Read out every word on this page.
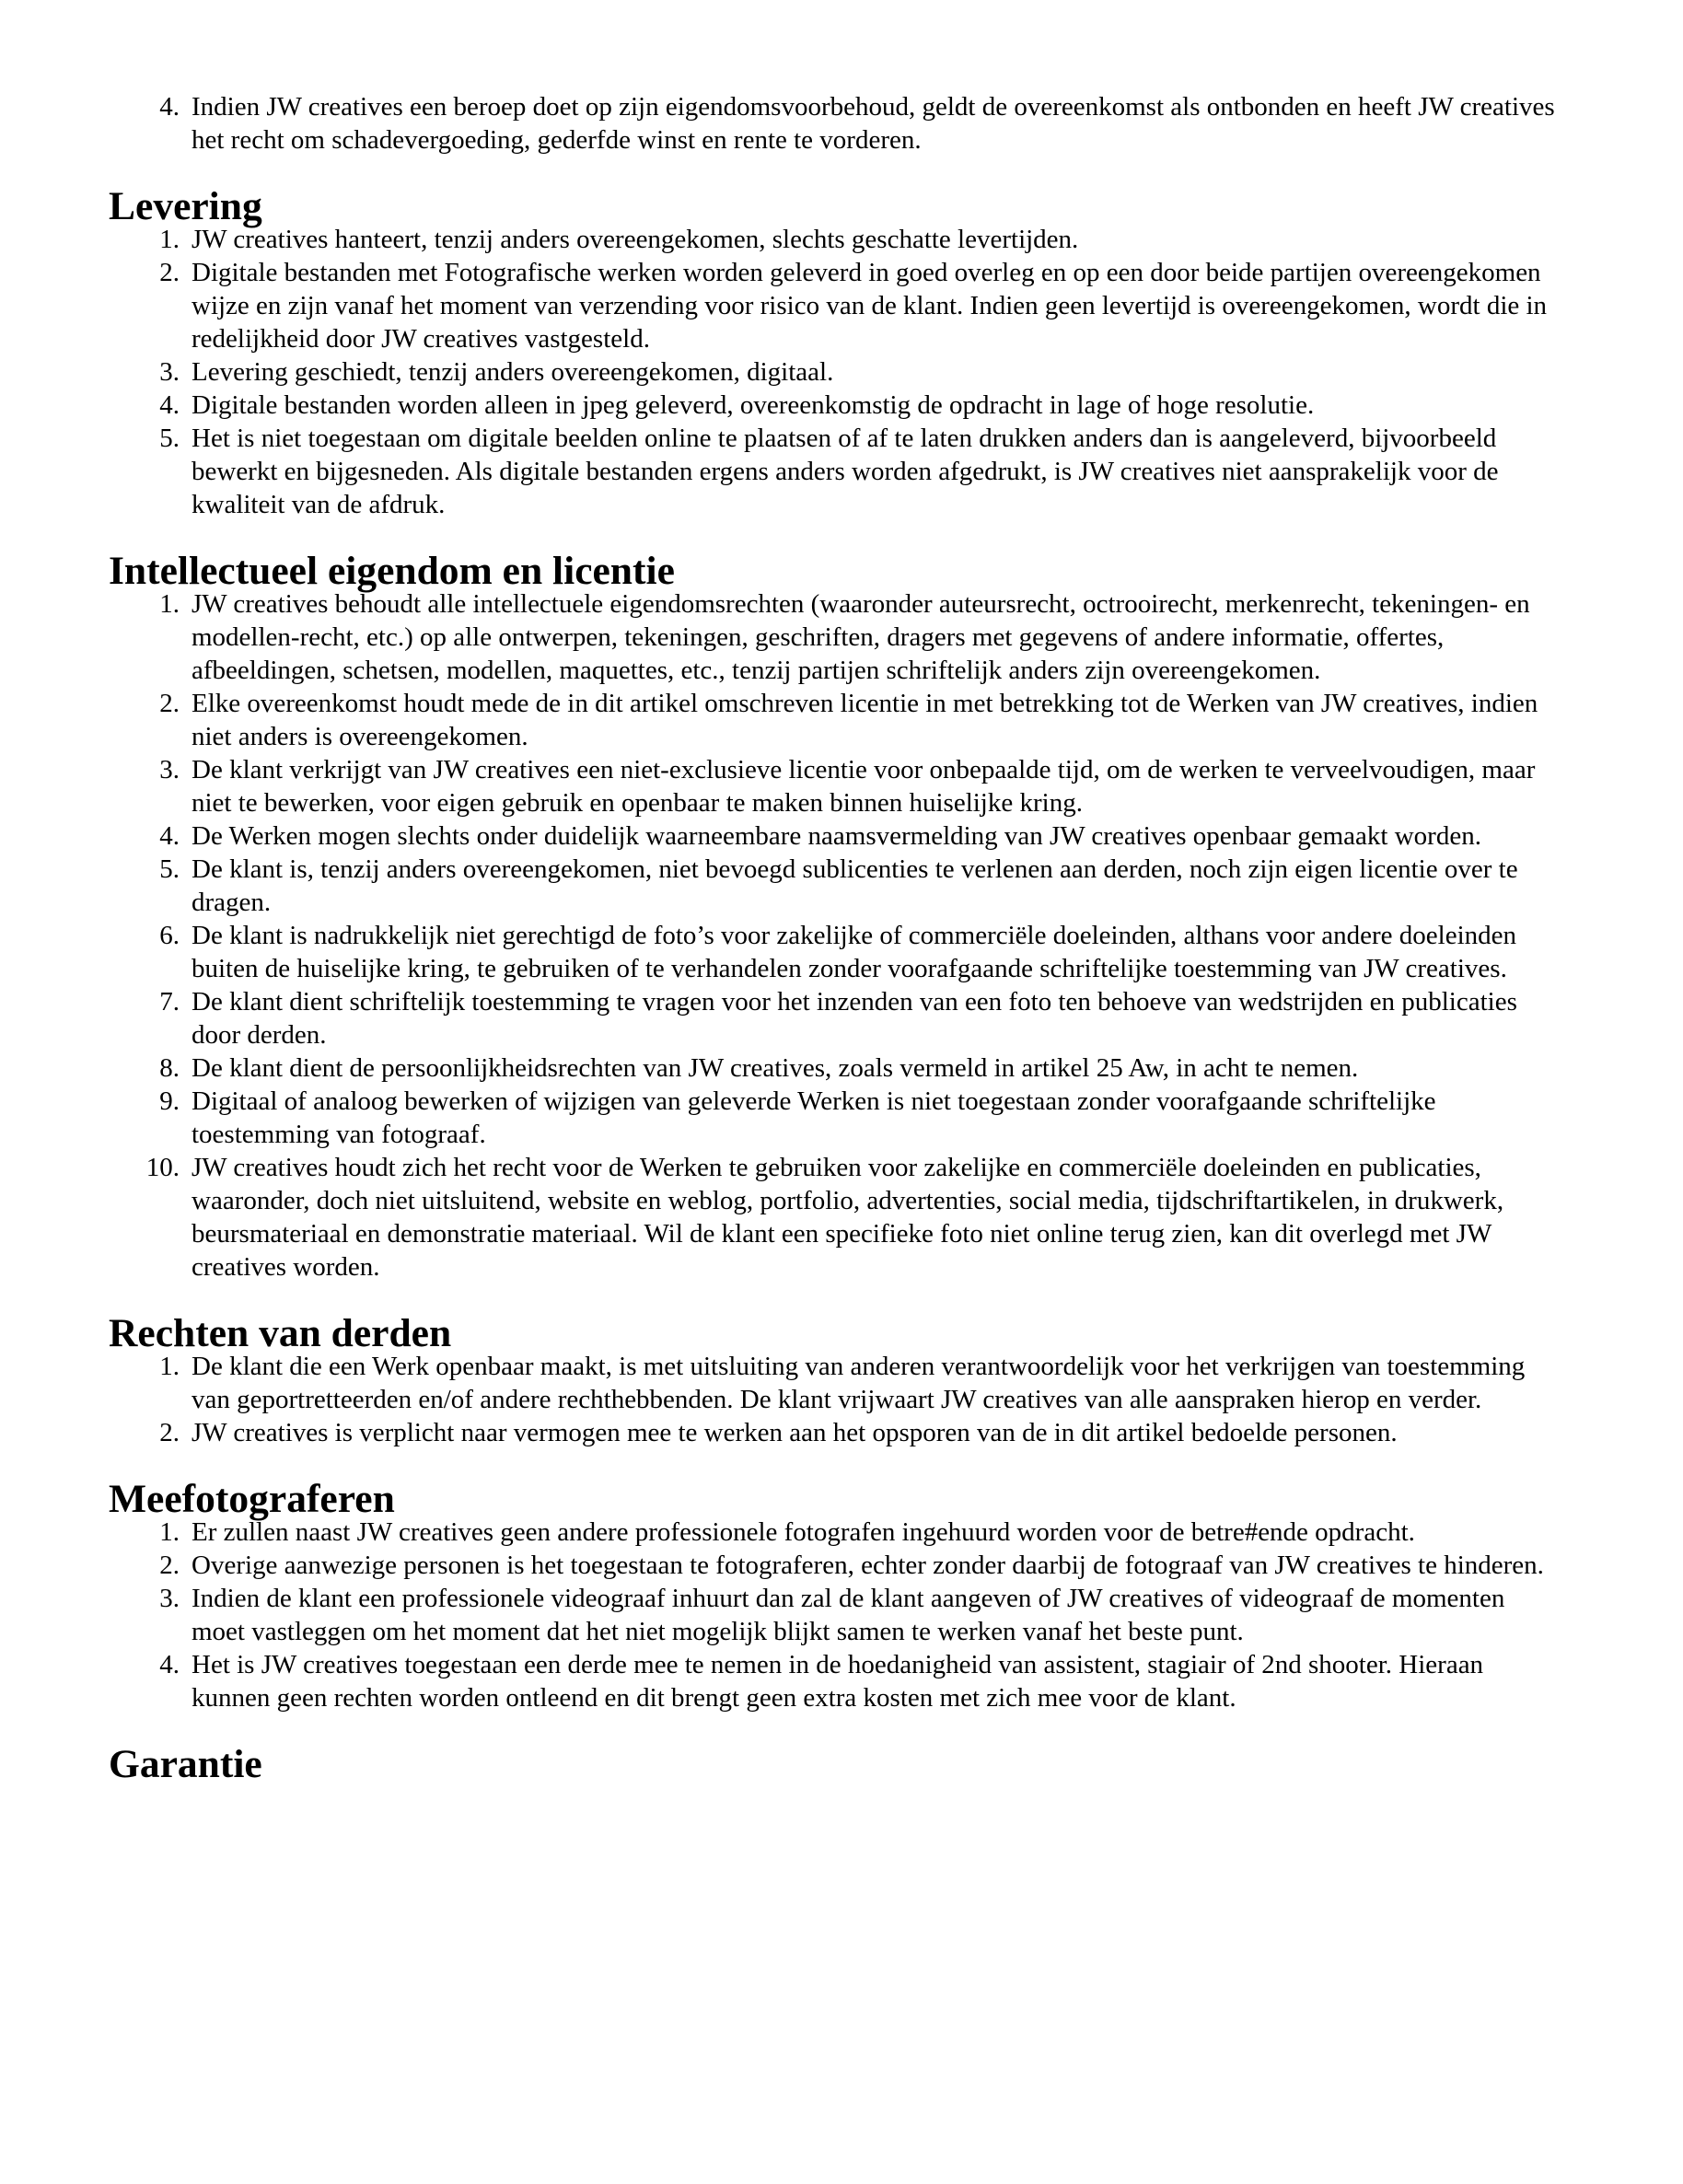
4. Indien JW creatives een beroep doet op zijn eigendomsvoorbehoud, geldt de overeenkomst als ontbonden en heeft JW creatives het recht om schadevergoeding, gederfde winst en rente te vorderen.
Levering
1. JW creatives hanteert, tenzij anders overeengekomen, slechts geschatte levertijden.
2. Digitale bestanden met Fotografische werken worden geleverd in goed overleg en op een door beide partijen overeengekomen wijze en zijn vanaf het moment van verzending voor risico van de klant. Indien geen levertijd is overeengekomen, wordt die in redelijkheid door JW creatives vastgesteld.
3. Levering geschiedt, tenzij anders overeengekomen, digitaal.
4. Digitale bestanden worden alleen in jpeg geleverd, overeenkomstig de opdracht in lage of hoge resolutie.
5. Het is niet toegestaan om digitale beelden online te plaatsen of af te laten drukken anders dan is aangeleverd, bijvoorbeeld bewerkt en bijgesneden. Als digitale bestanden ergens anders worden afgedrukt, is JW creatives niet aansprakelijk voor de kwaliteit van de afdruk.
Intellectueel eigendom en licentie
1. JW creatives behoudt alle intellectuele eigendomsrechten (waaronder auteursrecht, octrooirecht, merkenrecht, tekeningen- en modellen-recht, etc.) op alle ontwerpen, tekeningen, geschriften, dragers met gegevens of andere informatie, offertes, afbeeldingen, schetsen, modellen, maquettes, etc., tenzij partijen schriftelijk anders zijn overeengekomen.
2. Elke overeenkomst houdt mede de in dit artikel omschreven licentie in met betrekking tot de Werken van JW creatives, indien niet anders is overeengekomen.
3. De klant verkrijgt van JW creatives een niet-exclusieve licentie voor onbepaalde tijd, om de werken te verveelvoudigen, maar niet te bewerken, voor eigen gebruik en openbaar te maken binnen huiselijke kring.
4. De Werken mogen slechts onder duidelijk waarneembare naamsvermelding van JW creatives openbaar gemaakt worden.
5. De klant is, tenzij anders overeengekomen, niet bevoegd sublicenties te verlenen aan derden, noch zijn eigen licentie over te dragen.
6. De klant is nadrukkelijk niet gerechtigd de foto’s voor zakelijke of commerciële doeleinden, althans voor andere doeleinden buiten de huiselijke kring, te gebruiken of te verhandelen zonder voorafgaande schriftelijke toestemming van JW creatives.
7. De klant dient schriftelijk toestemming te vragen voor het inzenden van een foto ten behoeve van wedstrijden en publicaties door derden.
8. De klant dient de persoonlijkheidsrechten van JW creatives, zoals vermeld in artikel 25 Aw, in acht te nemen.
9. Digitaal of analoog bewerken of wijzigen van geleverde Werken is niet toegestaan zonder voorafgaande schriftelijke toestemming van fotograaf.
10. JW creatives houdt zich het recht voor de Werken te gebruiken voor zakelijke en commerciële doeleinden en publicaties, waaronder, doch niet uitsluitend, website en weblog, portfolio, advertenties, social media, tijdschriftartikelen, in drukwerk, beursmateriaal en demonstratie materiaal. Wil de klant een specifieke foto niet online terug zien, kan dit overlegd met JW creatives worden.
Rechten van derden
1. De klant die een Werk openbaar maakt, is met uitsluiting van anderen verantwoordelijk voor het verkrijgen van toestemming van geportretteerden en/of andere rechthebbenden. De klant vrijwaart JW creatives van alle aanspraken hierop en verder.
2. JW creatives is verplicht naar vermogen mee te werken aan het opsporen van de in dit artikel bedoelde personen.
Meefotograferen
1. Er zullen naast JW creatives geen andere professionele fotografen ingehuurd worden voor de betre#ende opdracht.
2. Overige aanwezige personen is het toegestaan te fotograferen, echter zonder daarbij de fotograaf van JW creatives te hinderen.
3. Indien de klant een professionele videograaf inhuurt dan zal de klant aangeven of JW creatives of videograaf de momenten moet vastleggen om het moment dat het niet mogelijk blijkt samen te werken vanaf het beste punt.
4. Het is JW creatives toegestaan een derde mee te nemen in de hoedanigheid van assistent, stagiair of 2nd shooter. Hieraan kunnen geen rechten worden ontleend en dit brengt geen extra kosten met zich mee voor de klant.
Garantie
